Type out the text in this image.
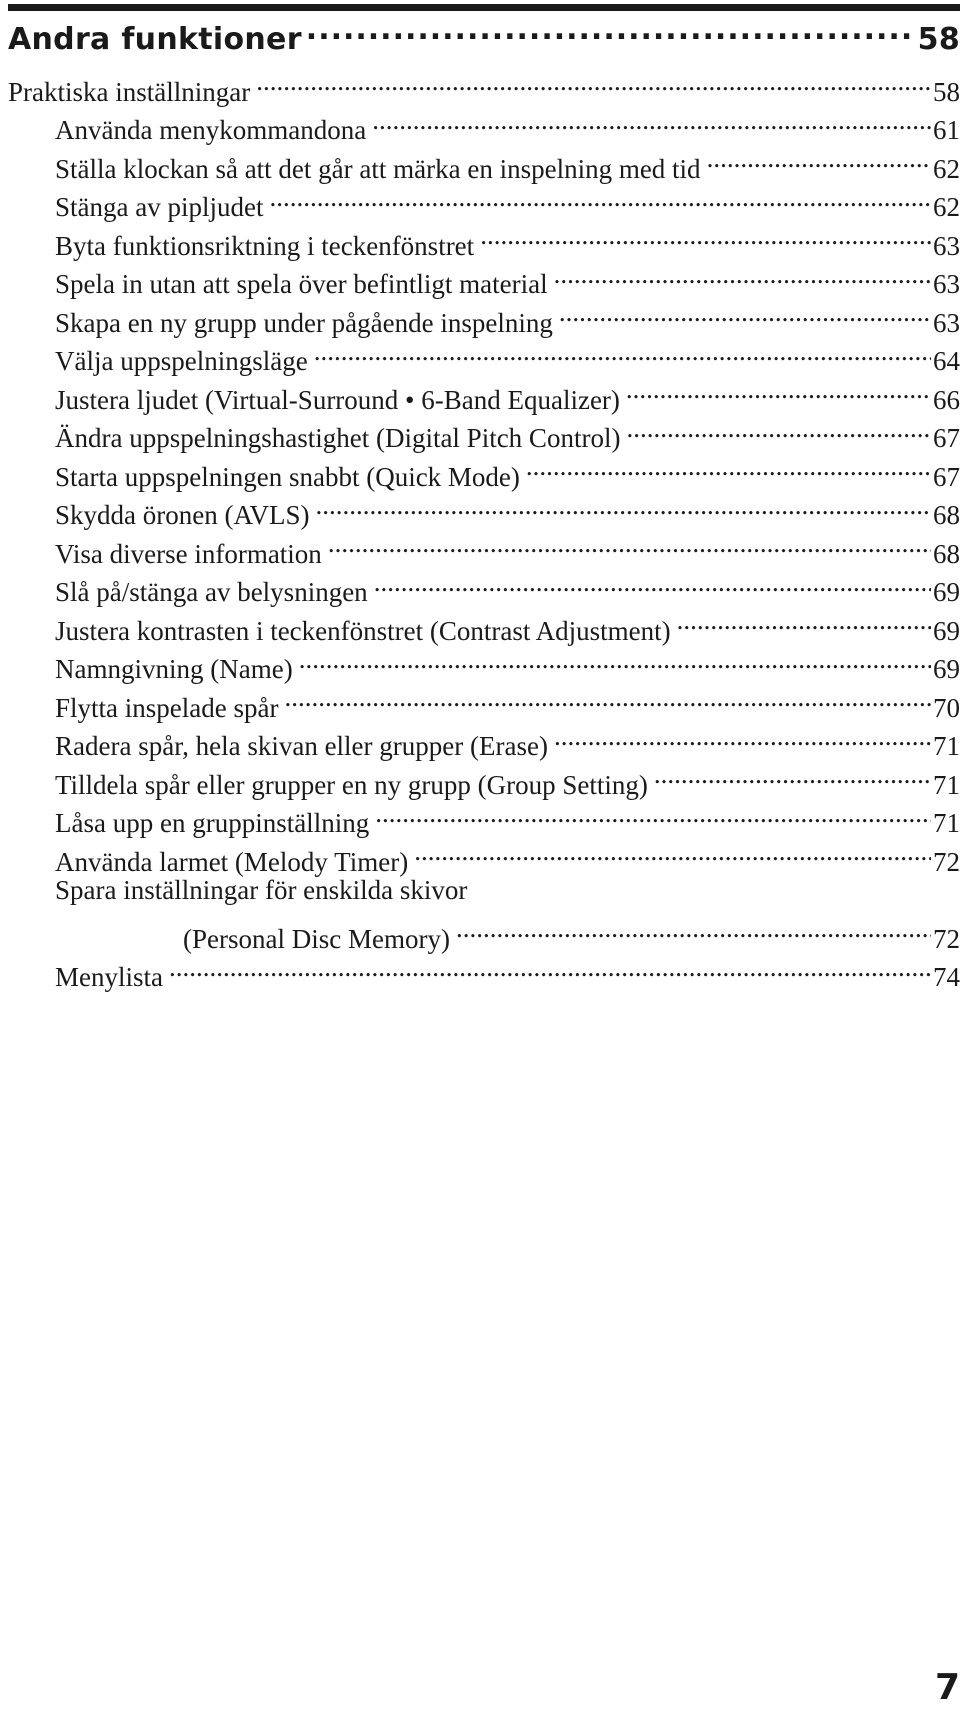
Andra funktioner .....	58
Praktiska inställningar .....	58
Använda menykommandona .....	61
Ställa klockan så att det går att märka en inspelning med tid .....	62
Stänga av pipljudet .....	62
Byta funktionsriktning i teckenfönstret .....	63
Spela in utan att spela över befintligt material .....	63
Skapa en ny grupp under pågående inspelning .....	63
Välja uppspelningsläge .....	64
Justera ljudet (Virtual-Surround • 6-Band Equalizer) .....	66
Ändra uppspelningshastighet (Digital Pitch Control) .....	67
Starta uppspelningen snabbt (Quick Mode) .....	67
Skydda öronen (AVLS) .....	68
Visa diverse information .....	68
Slå på/stänga av belysningen .....	69
Justera kontrasten i teckenfönstret (Contrast Adjustment) .....	69
Namngivning (Name) .....	69
Flytta inspelade spår .....	70
Radera spår, hela skivan eller grupper (Erase) .....	71
Tilldela spår eller grupper en ny grupp (Group Setting) .....	71
Låsa upp en gruppinställning .....	71
Använda larmet (Melody Timer) .....	72
Spara inställningar för enskilda skivor
(Personal Disc Memory) .....	72
Menylista .....	74
7
